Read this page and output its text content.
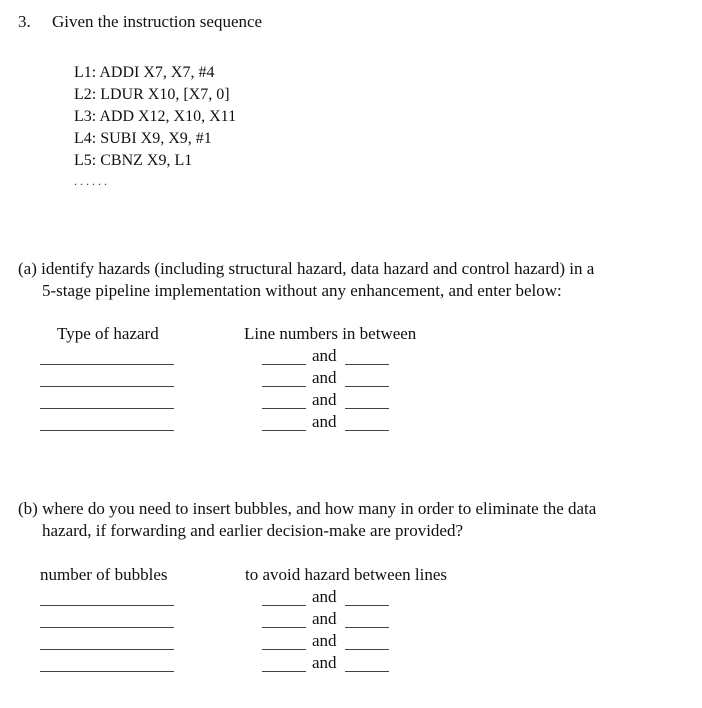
3. Given the instruction sequence
L1: ADDI X7, X7, #4
L2: LDUR X10, [X7, 0]
L3: ADD X12, X10, X11
L4: SUBI X9, X9, #1
L5: CBNZ X9, L1
......
(a) identify hazards (including structural hazard, data hazard and control hazard) in a
5-stage pipeline implementation without any enhancement, and enter below:
Type of hazard	Line numbers in between
and
and
and
and
(b) where do you need to insert bubbles, and how many in order to eliminate the data
hazard, if forwarding and earlier decision-make are provided?
number of bubbles	to avoid hazard between lines
and
and
and
and
